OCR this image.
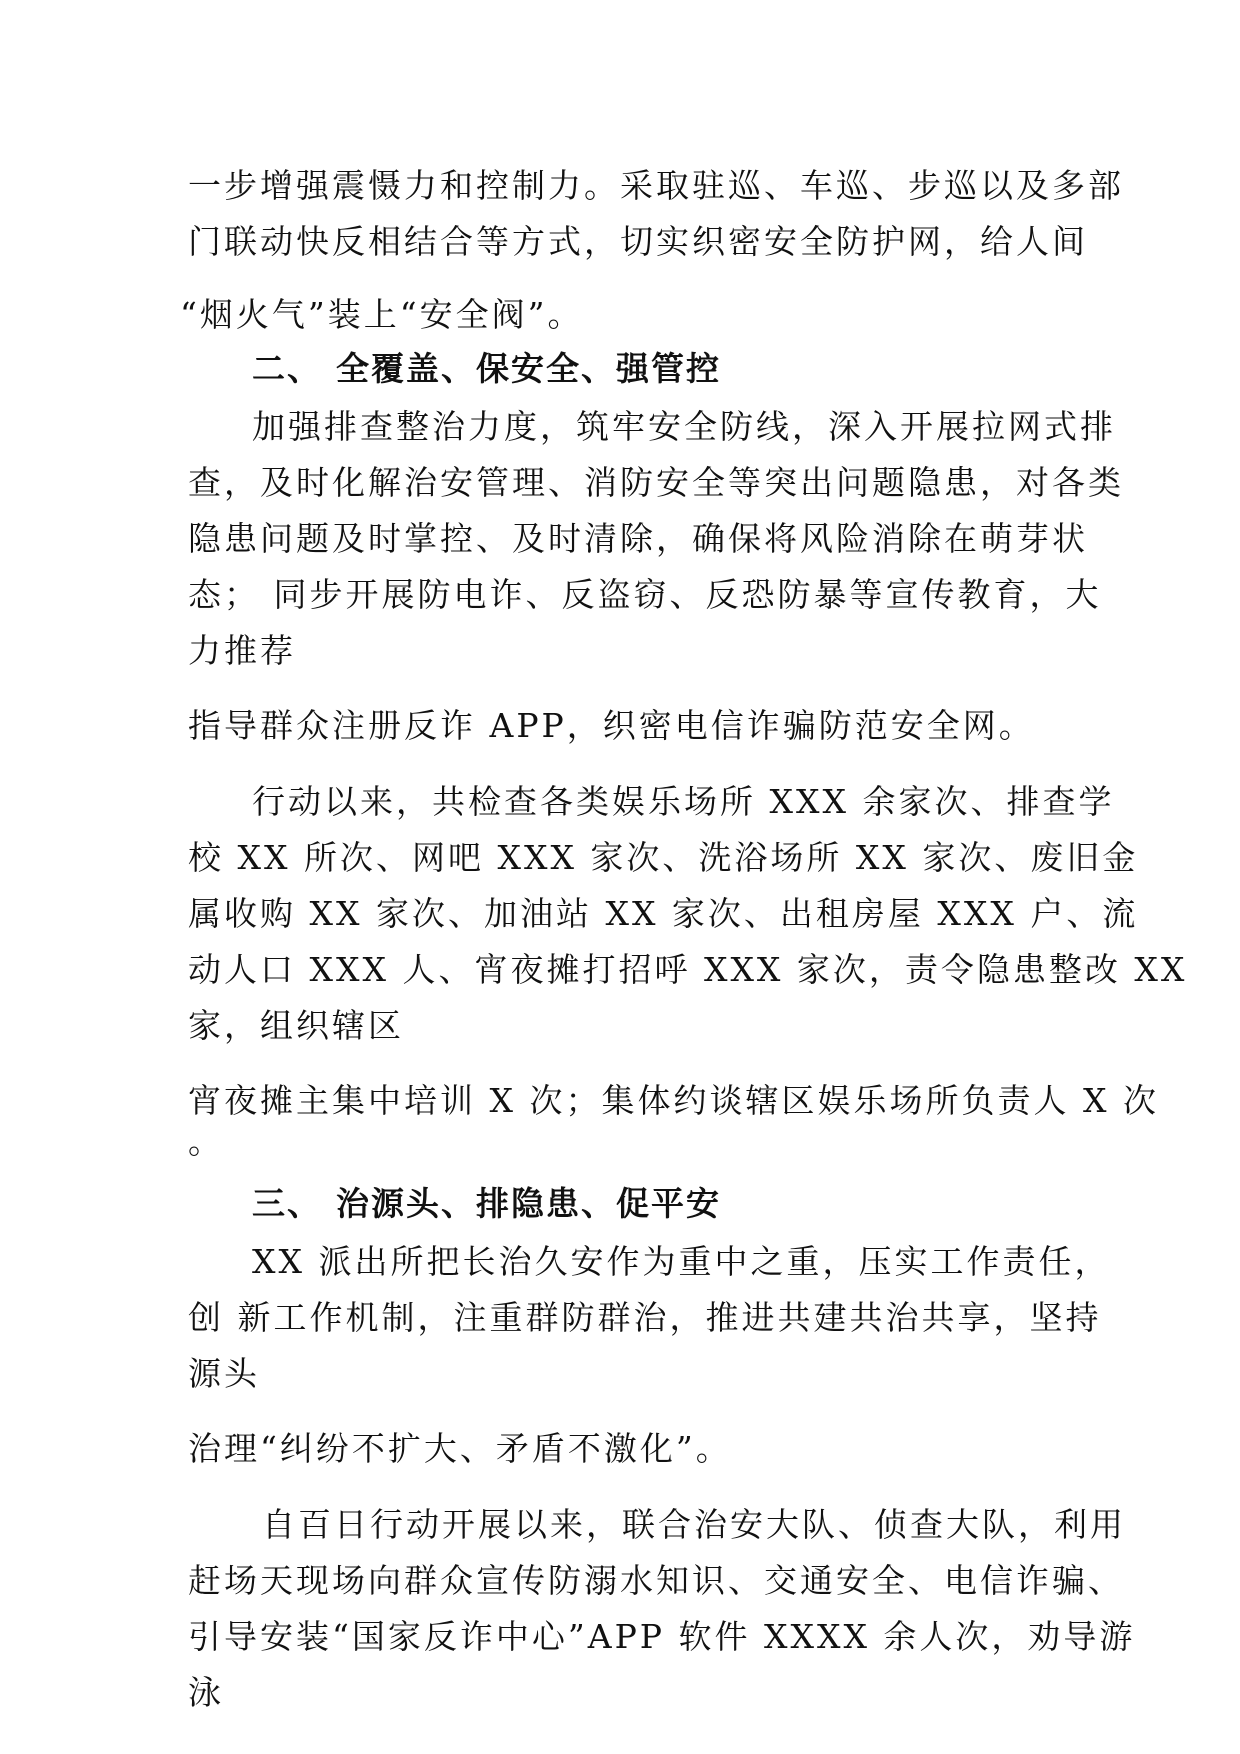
一步增强震慑力和控制力。采取驻巡、车巡、步巡以及多部

门联动快反相结合等方式，切实织密安全防护网，给人间

“烟火气”装上“安全阀”。

二、 全覆盖、保安全、强管控

加强排查整治力度，筑牢安全防线，深入开展拉网式排

查，及时化解治安管理、消防安全等突出问题隐患，对各类

隐患问题及时掌控、及时清除，确保将风险消除在萌芽状

态； 同步开展防电诈、反盗窃、反恐防暴等宣传教育，大

力推荐

指导群众注册反诈 APP，织密电信诈骗防范安全网。

行动以来，共检查各类娱乐场所 XXX 余家次、排查学

校 XX 所次、网吧 XXX 家次、洗浴场所 XX 家次、废旧金

属收购 XX 家次、加油站 XX 家次、出租房屋 XXX 户、流

动人口 XXX 人、宵夜摊打招呼 XXX 家次，责令隐患整改 XX

家，组织辖区

宵夜摊主集中培训 X 次；集体约谈辖区娱乐场所负责人 X 次

。

三、 治源头、排隐患、促平安

XX 派出所把长治久安作为重中之重，压实工作责任，

创 新工作机制，注重群防群治，推进共建共治共享，坚持

源头

治理“纠纷不扩大、矛盾不激化”。

自百日行动开展以来，联合治安大队、侦查大队，利用

赶场天现场向群众宣传防溺水知识、交通安全、电信诈骗、

引导安装“国家反诈中心”APP 软件 XXXX 余人次，劝导游

泳
